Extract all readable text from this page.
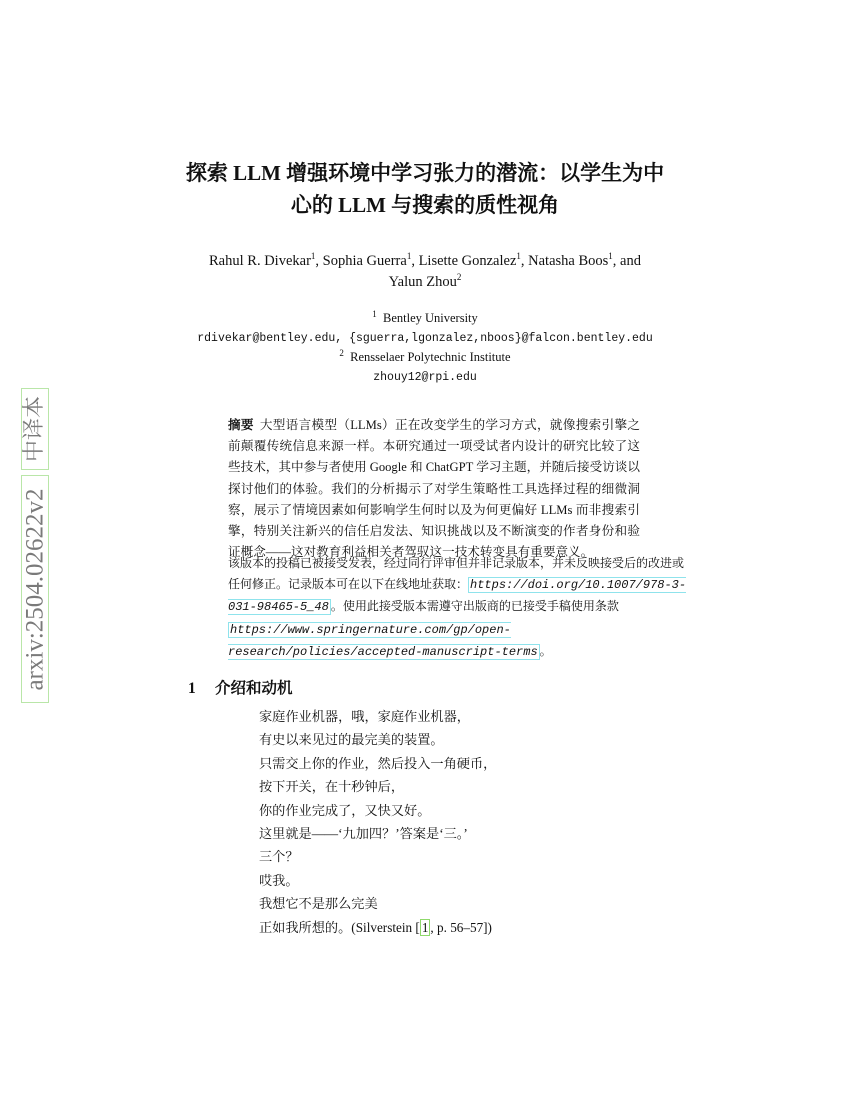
中译本
arxiv:2504.02622v2
探索 LLM 增强环境中学习张力的潜流：以学生为中
心的 LLM 与搜索的质性视角
Rahul R. Divekar$^1$, Sophia Guerra$^1$, Lisette Gonzalez$^1$, Natasha Boos$^1$, and
Yalun Zhou$^2$
$^1$ Bentley University
rdivekar@bentley.edu, {sguerra,lgonzalez,nboos}@falcon.bentley.edu
$^2$ Rensselaer Polytechnic Institute
zhouy12@rpi.edu
摘要 大型语言模型（LLMs）正在改变学生的学习方式，就像搜索引擎之前颠覆传统信息来源一样。本研究通过一项受试者内设计的研究比较了这些技术，其中参与者使用 Google 和 ChatGPT 学习主题，并随后接受访谈以探讨他们的体验。我们的分析揭示了对学生策略性工具选择过程的细微洞察，展示了情境因素如何影响学生何时以及为何更偏好 LLMs 而非搜索引擎，特别关注新兴的信任启发法、知识挑战以及不断演变的作者身份和验证概念——这对教育利益相关者驾驭这一技术转变具有重要意义。
该版本的投稿已被接受发表，经过同行评审但并非记录版本，并未反映接受后的改进或任何修正。记录版本可在以下在线地址获取： https://doi.org/10.1007/978-3-031-98465-5_48 。使用此接受版本需遵守出版商的已接受手稿使用条款https://www.springernature.com/gp/open-research/policies/accepted-manuscript-terms 。
1 介绍和动机
家庭作业机器，哦，家庭作业机器，
有史以来见过的最完美的装置。
只需交上你的作业，然后投入一角硬币，
按下开关，在十秒钟后，
你的作业完成了，又快又好。
这里就是——‘九加四？’答案是‘三。’
三个？
哎我。
我想它不是那么完美
正如我所想的。(Silverstein [ 1 , p. 56–57])
